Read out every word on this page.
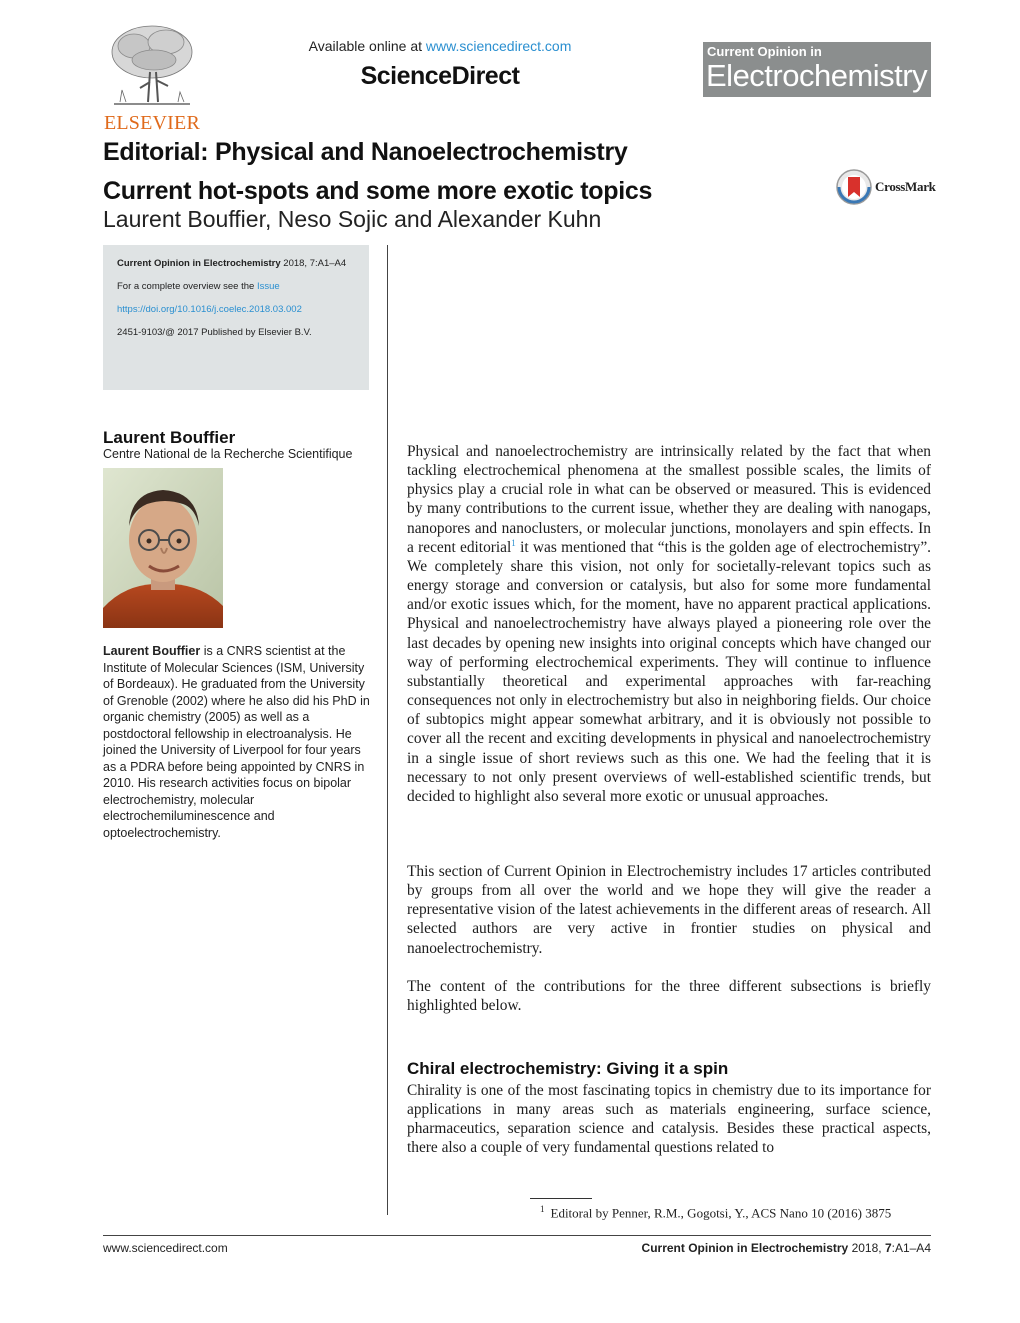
ELSEVIER
Available online at www.sciencedirect.com
ScienceDirect
Current Opinion in
Electrochemistry
Editorial: Physical and Nanoelectrochemistry
Current hot-spots and some more exotic topics
Laurent Bouffier, Neso Sojic and Alexander Kuhn
CrossMark

Current Opinion in Electrochemistry 2018, 7:A1–A4

For a complete overview see the Issue

https://doi.org/10.1016/j.coelec.2018.03.002

2451-9103/@ 2017 Published by Elsevier B.V.

Laurent Bouffier
Centre National de la Recherche Scientifique
Laurent Bouffier is a CNRS scientist at the Institute of Molecular Sciences (ISM, University of Bordeaux). He graduated from the University of Grenoble (2002) where he also did his PhD in organic chemistry (2005) as well as a postdoctoral fellowship in electroanalysis. He joined the University of Liverpool for four years as a PDRA before being appointed by CNRS in 2010. His research activities focus on bipolar electrochemistry, molecular electrochemiluminescence and optoelectrochemistry.
Physical and nanoelectrochemistry are intrinsically related by the fact that when tackling electrochemical phenomena at the smallest possible scales, the limits of physics play a crucial role in what can be observed or measured. This is evidenced by many contributions to the current issue, whether they are dealing with nanogaps, nanopores and nanoclusters, or molecular junctions, monolayers and spin effects. In a recent editorial$^1$ it was mentioned that “this is the golden age of electrochemistry”. We completely share this vision, not only for societally-relevant topics such as energy storage and conversion or catalysis, but also for some more fundamental and/or exotic issues which, for the moment, have no apparent practical applications. Physical and nanoelectrochemistry have always played a pioneering role over the last decades by opening new insights into original concepts which have changed our way of performing electrochemical experiments. They will continue to influence substantially theoretical and experimental approaches with far-reaching consequences not only in electrochemistry but also in neighboring fields. Our choice of subtopics might appear somewhat arbitrary, and it is obviously not possible to cover all the recent and exciting developments in physical and nanoelectrochemistry in a single issue of short reviews such as this one. We had the feeling that it is necessary to not only present overviews of well-established scientific trends, but decided to highlight also several more exotic or unusual approaches.
This section of Current Opinion in Electrochemistry includes 17 articles contributed by groups from all over the world and we hope they will give the reader a representative vision of the latest achievements in the different areas of research. All selected authors are very active in frontier studies on physical and nanoelectrochemistry.
The content of the contributions for the three different subsections is briefly highlighted below.
Chiral electrochemistry: Giving it a spin
Chirality is one of the most fascinating topics in chemistry due to its importance for applications in many areas such as materials engineering, surface science, pharmaceutics, separation science and catalysis. Besides these practical aspects, there also a couple of very fundamental questions related to
$^1$ Editoral by Penner, R.M., Gogotsi, Y., ACS Nano 10 (2016) 3875
www.sciencedirect.com	Current Opinion in Electrochemistry 2018, 7:A1–A4
